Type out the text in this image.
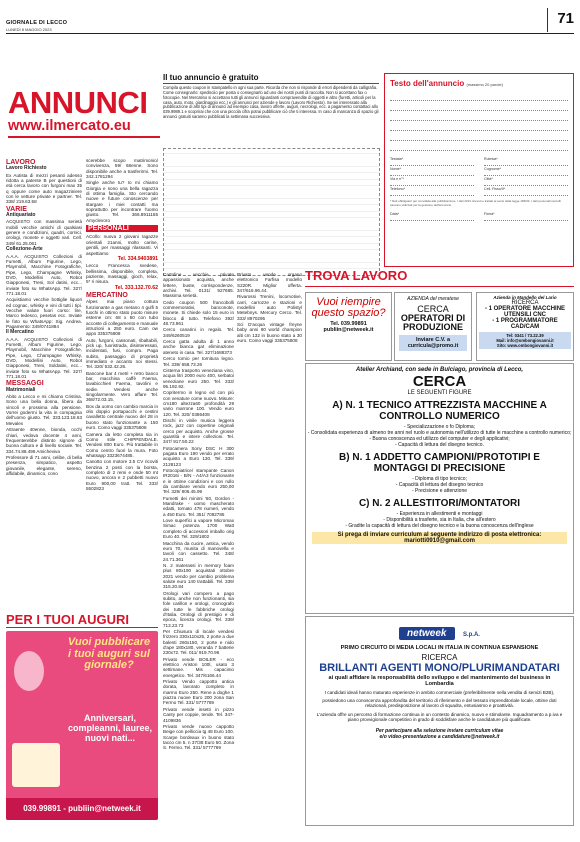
GIORNALE DI LECCO
LUNEDÌ 8 MAGGIO 2023
71
ANNUNCI
www.ilmercato.eu
LAVORO
Lavoro Richiesto

Ex Autista di mezzi pesanti adesso ridotta a patente B per questioni di età cerca lavoro con furgoni max 35 q oppure come auto magazziniere con le vetture private e partner. Tel. 338/ 219.63.58

VARIE
Antiquariato

ACQUISTO con massima serietà mobili vecchie antichi di qualsiasi genere e condizioni, quadri, cornici, orologi, monete e oggetti vari. Cell. 349/ 61.25.061

Collezione-Arte

A.A.A. ACQUISTO Collezioni di Fumetti, Album Figurine, Lego, Playmobil, Macchine Fotografiche, Pipe, Lego, Champagne Whisky, DVD, Modellini Auto, Robot Giapponesi, Treni, Sol datini, ecc... inviate foto su WhatsApp. Tel. 327/ 771.18.01

Acquistiamo vecchie bottiglie liquori ed cognac, whisky e vini di tutti i tipi. Vecchie valute fuori corso: lire, Marco tedesco, pesetas ecc. Inviate le foto su WhatsApp: Sig. Andrea. Pagamento: 349/0741884

Il Mercatino

A.A.A. ACQUISTO Collezioni di Fumetti, Album Figurine, Lego, Playmobil, Macchine Fotografiche, Pipe, Lego, Champagne Whisky, DVD, Modellini Auto, Robot Giapponesi, Treni, Soldatini, ecc... inviate foto su WhatsApp. Tel. 327/ 771.18.01

MESSAGGI
Matrimoniali

Abito a Lecco e mi chiamo Cristina. Sono una bella donna, libera da vincoli e prossima alla pensione. Vorrei godermi la vita in compagnia dell'uomo giusto. Tel. 333.123.18.63 Mevalex

Attraente 40enne, bionda, occhi chiari, vedova docente 4 anni, frequenterebbe distinto signore di buona cultura e di livello sociale. Tel. 334.74.88.496 Amicheviva

Professore di 71 anni, celibe, di bella presenza, simpatico, aspetto giovanile, elegante, sereno, affidabile, dinamico, cono

scerebbe scopo matrimonio/ convivenza, 59/ 68enne. Sono disponibile anche a trasferirmi. Tel. 342.1781294

Single anche tu? Io mi chiamo Giorgia e sono una bella ragazza di ottima famiglia. Sto cercando nuove e future conoscenze per stargare i miei contatti ma soprattutto per incontrare l'uomo giusto. Tel. 366.8911155 Amyclevoro

PERSONALI

ACollo: nuova 2 giovani ragazze orientali 21anni, molto carine, gentili, per massaggi rilassanti. Vi aspettiamo

Tel. 334.9403891

Lecco Francesca svedese, bellissima, disponibile, completa, paziente, massaggi, gioch, relax, 5* ri nisura.

Tel. 333.132.70.62

MERCATINO

Alpes mai piano cottura funzionante a gas metano 4 gulfi 5 fuochi in ottimo stato puoto misure esterne cm: 68 x 50 con tubo accoste di collegamento e manuale istruzioni a 250 euro. Cam ow appo 335375808

Auto, furgoni, cassonati, ribaltabili, pick up, fuoristrada, disinteressati, incidentati, fusi, compro. Paga subito, passaggio di proprietà immediato e accanto noi stessi. Tel. 320/ 532.42.26.

Bancone bar 4 metri + retro banco bar, macchina caffè Faema, lavabicchieri Faema, tavolini e sedie. Vendesi anche singolarmente. Vero affare Tel. 368/72.03.15.

Box da uomo con cambio marcia in olio doppio portapacchi e cestini cavalletto centrale nuovo del 28 in buono stato funzionante a 150 euro. Como vaggi 335375808

Camera da letto completa sia in Como stile CHIPPENDALE. Vendesi 800 Euro. Più trattabile in Como centro fuori la mura. Foto whatsapp 3323674485.

Canotto con motore 3.5 CV ricoviti benzina 2 posti con la borsta, completo di 2 remi e onde 50 mt nuovo, ancora e 2 pubbetti nuovo Euro 900,00 tratt. Tel. 333/ 5502823

Il tuo annuncio è gratuito
Compila questo coupon in stampatello in ogni sua parte. Ricorda che non si risponde di errori dipendenti da calligrafia. Come consegnarlo: spedisciio per posta o consegnarlo ad uno dei nostri punti di raccolta. Non si accettano fax o fotocopie. Nel Mercatino si accettano tutti gli annunci riguardanti compravendite di oggetti e altro (furetti, articoli per la casa, auto, moto, giardinaggio ecc.) e gli annunci per aziende e lavoro (Lavoro Richiesto). Se sei interessato alla pubblicazione di altri tipi di annunci ad esempio casa, lavoro offerte, auguri, necrologi, ecc. a pagamento contattaci allo 039.9989.1 e scoprirai che con una piccola cifra potrai pubblicare ciò che ti interessa. In caso di mancanza di spazio gli annunci gratuiti saranno pubblicati la settimana successiva.
Testo dell'annuncio (massimo 20 parole)
Testata*	Rubrica*
Nome*	Cognome*
Via e n°*	Città*
Telefono*	Cell. Fisso/Il*
* Dati obbligatori per convalida alla pubblicazione. I dati 2021 ricevuti e trattati ai sensi della legge 196/03. I dati personali raccolti saranno utilizzati per la gestione dell'annuncio.
Data*	Firma*

Cartoline vecchie private appassionato acquista, anche lettere, buste, corrispondenze, archivi. Tel. 0131/ 927685. Massima serietà.

Cedo coupon 500 francobolli commemorativi, banconote, monete. Si chiede solo 15 euro in blocco di tutto. Telefono 392/ 48.73.961

Cerco canarini in regalo. Tel. 349/6260519

Cerco gatta adulta di 1 anno anche bianca gat eliminazione ateneto in casa. Tel. 327/1688373

Cerco tornio per tornitura legno. Tel. 339/ 658.73.26

Cisterna trasporto veneziana vino, acqua litri 2000 euro 400, serbatoi veneziane euro 250. Tel. 333/ 95.192.92.

Copritermo in legno ed con più con venature come nuovo. Misure: cm180 altezza60 profondità 29 vario marrone 100. Vendo euro 120. Tel. 320/ 0386408

Dischi in vinile musica leggera rock, jazz con copertine originali cerco per acquisto. Anche grosse quantità e intere collezioni. Tel. 347/ 917.50.22

Fotocamera Sony DSC H 300 pagata Euro 190 vendo per errato acquisto a Euro 130. Tel. 339/ 2128123

Fotocopiatrice/ stampante Canon IR2016i - B/N - A4/A3 funzionante e in ottime condizioni e con rullo da cambiare vendo euro 250,00 Tel. 329/ 806.45.99

Fumetti dei minimi '60, Gordon - Mandrake - uomo mascherato edatti, tornato 478 numeri, vendo a 450 Euro. Tel. 351/ 7092785

Love superfici a vapore Micromax Simac potenza 1700 Watt completo di accessori imballo orig Euro 40. Tel. 329/1802

Macchina da cucire, antica, vendo euro 70, munita di manovella e tavoli con cassetto. Tel. 348/ 24.71.361

N. 2 materassi in memory foam plus 80x190 acquistati ottobre 2021 vendo per cambio problema salute euro 140 trattabili. Tel. 339/ 315.20.84

Orologi vari compero a pago subito, anche non funzionanti, sia fole carillon e orologi, cronografo dei tutte le fabbriche orologi d'Italia. Orologi di prestigio e di epoca, licenza orologi. Tel. 339/ 713.23.73

Per Chiusura di locale vendesi frizzero 330x110x25, 2 porte a due balenti 260x150, 2 porte e nido d'ape 180x180, veranda 7 batterie 230x72. Tel. 011/ 919.70.96

Privato vende BOILER - eco elettrico Ariston 100l, usato 3 settimane. Mis capacimo energetico. Tel. 347/6166.44

Privato Vendo cappotto antica dorata, lavorato completo in marmo Euro 250. Rene a doghe 1 piazza nuove Euro 200 zona San Fermo Tel. 331/ 5777769

Privato vende insetti in pizzo Canty per coppie, tende. Tel. 347- 4109836

Privato vende nuovo cappotto Beige con pelliccia tg 48 Euro 100. Scarpe bordeaux in buono stato tacco cm 5. n 37/38 Euro 50. Zona S. Fermo. Tel. 331/ 5777769

Privato vende organo elettronico Farfisa modello S220R. Miglior offerta. 347/616.96.44.

Rivarossi Trenini, locomotive, carri, carrozze e stazioni e modellini auto Polistyl Metebnys. Mercury Cerco. Tel. 333/ 8970295

Sci D'acqua vintage freyne baby anni 80 world champion alti cm 132 in buono stato a 30 euro. Como vaggi 335375808

TROVA LAVORO
Vuoi riempire questo spazio?
Tel. 039.99891
publiin@netweek.it
AZIENDA del meratese
CERCA
OPERATORI DI PRODUZIONE
Inviare C.V. a curricula@promo.it
Azienda in Mandello del Lario
RICERCA
- 1 OPERATORE MACCHINE UTENSILI CNC
- 1 PROGRAMMATORE CAD/CAM
Tel: 0341 / 73.22.39
Mail: info@ombongiovanni.it
Sito: www.ombongiovanni.it
Atelier Archiand, con sede in Bulciago, provincia di Lecco,
CERCA
LE SEGUENTI FIGURE
A) N. 1 TECNICO ATTREZZISTA MACCHINE A CONTROLLO NUMERICO
- Specializzazione o fo Diploma;
- Consolidata esperienza di almeno tre anni nel ruolo e autonomia nell'utilizzo di tutte le macchine a controllo numerico;
- Buona conoscenza ed utilizzo del computer e degli applicativi;
- Capacità di lettura del disegno tecnico.
B) N. 1 ADDETTO CAMPIONI/PROTOTIPI E MONTAGGI DI PRECISIONE
- Diploma di tipo tecnico;
- Capacità di lettura del disegno tecnico
- Precisione e attenzione
C) N. 2 ALLESTITORI/MONTATORI
- Esperienza in allestimenti e montaggi
- Disponibilità a trasferte, sia in Italia, che all'estero
- Gradite la capacità di lettura del disegno tecnico e la buona conoscenza dell'inglese
Si prega di inviare curriculum al seguente indirizzo di posta elettronica: mariotti0910@gmail.com
PER I TUOI AUGURI
Vuoi pubblicare i tuoi auguri sul giornale?
Anniversari, compleanni, lauree, nuovi nati...
039.99891 - publiin@netweek.it
netweek	S.p.A.
PRIMO CIRCUITO DI MEDIA LOCALI IN ITALIA IN CONTINUA ESPANSIONE
RICERCA
BRILLANTI AGENTI MONO/PLURIMANDATARI
ai quali affidare la responsabilità dello sviluppo e del mantenimento del business in Lombardia
I candidati ideali hanno maturato esperienze in ambito commerciale (preferibilmente nella vendita di servizi B2B),
possiedono una conoscenza approfondita del territorio di riferimento e del tessuto imprenditoriale locale, ottime doti relazionali, predisposizione al lavoro di squadra, entusiasmo e proattività.
L'azienda offre un percorso di formazione continua in un contesto dinamico, nuovo e stimolante. Inquadramento a p.iva e piano provvigionale competitivo in grado di soddisfare anche le candidature più qualificate.
Per partecipare alla selezione inviare curriculum vitae
e/o video-presentazione a candidature@netweek.it
